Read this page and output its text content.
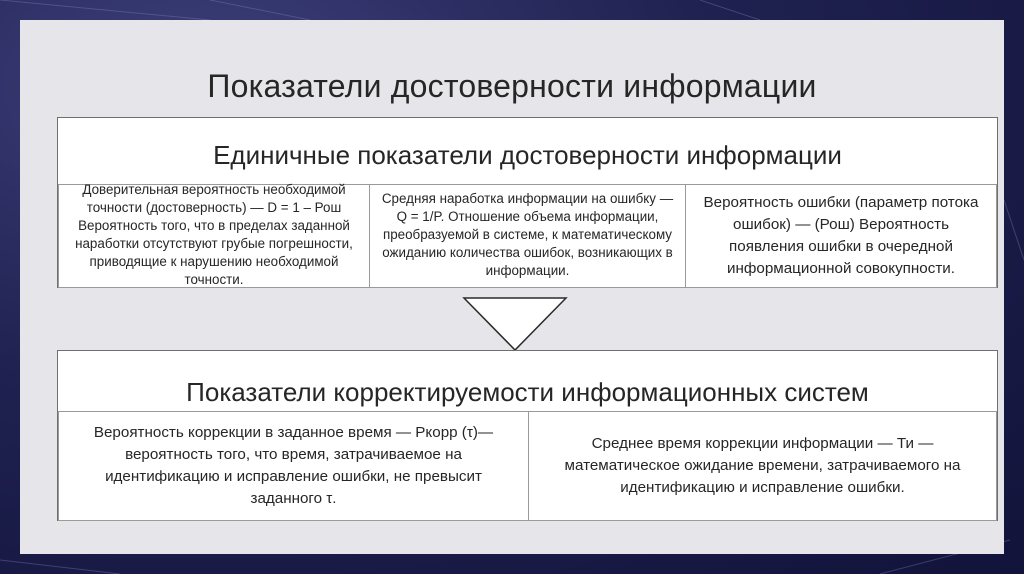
Показатели достоверности информации
Единичные показатели достоверности информации
Доверительная вероятность необходимой точности (достоверность) — D = 1 – Рош Вероятность того, что в пределах заданной наработки отсутствуют грубые погрешности, приводящие к нарушению необходимой точности.
Средняя наработка информации на ошибку — Q = 1/P. Отношение объема информации, преобразуемой в системе, к математическому ожиданию количества ошибок, возникающих в информации.
Вероятность ошибки (параметр потока ошибок) — (Рош) Вероятность появления ошибки в очередной информационной совокупности.
Показатели корректируемости информационных систем
Вероятность коррекции в заданное время — Ркорр (τ)— вероятность того, что время, затрачиваемое на идентификацию и исправление ошибки, не превысит заданного τ.
Среднее время коррекции информации — Ти — математическое ожидание времени, затрачиваемого на идентификацию и исправление ошибки.
